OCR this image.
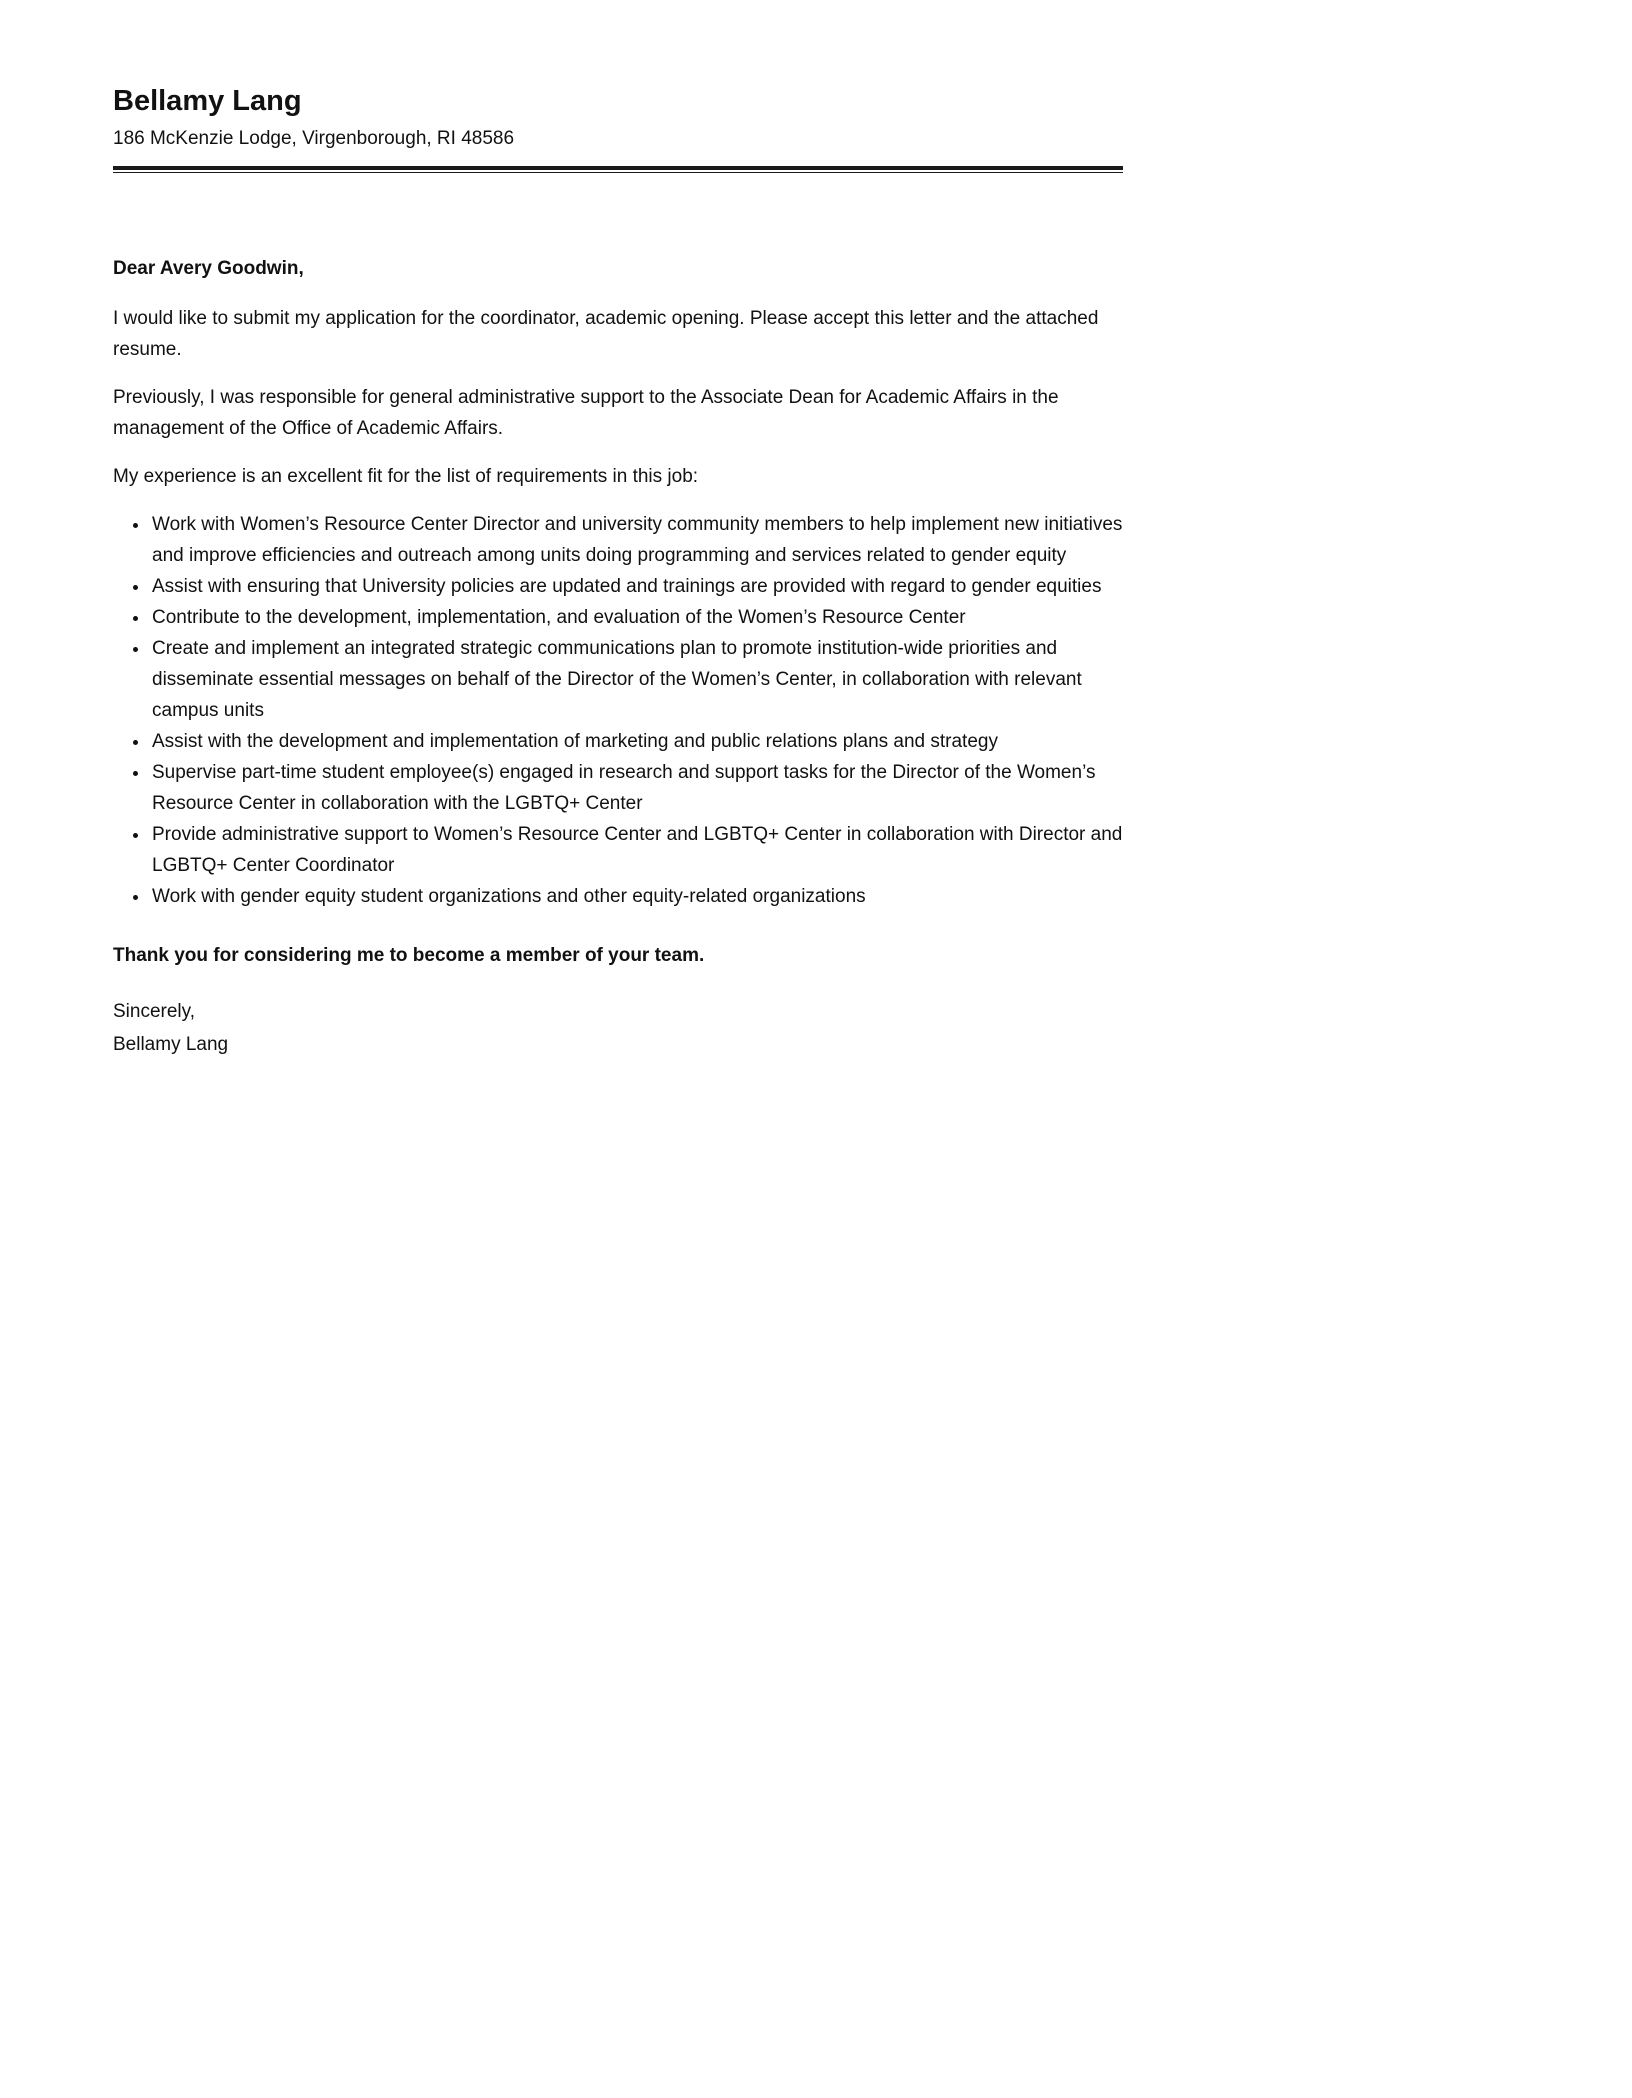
Bellamy Lang

186 McKenzie Lodge, Virgenborough, RI 48586

Dear Avery Goodwin,

I would like to submit my application for the coordinator, academic opening. Please accept this letter and the attached resume.

Previously, I was responsible for general administrative support to the Associate Dean for Academic Affairs in the management of the Office of Academic Affairs.

My experience is an excellent fit for the list of requirements in this job:

• Work with Women’s Resource Center Director and university community members to help implement new initiatives and improve efficiencies and outreach among units doing programming and services related to gender equity
• Assist with ensuring that University policies are updated and trainings are provided with regard to gender equities
• Contribute to the development, implementation, and evaluation of the Women’s Resource Center
• Create and implement an integrated strategic communications plan to promote institution-wide priorities and disseminate essential messages on behalf of the Director of the Women’s Center, in collaboration with relevant campus units
• Assist with the development and implementation of marketing and public relations plans and strategy
• Supervise part-time student employee(s) engaged in research and support tasks for the Director of the Women’s Resource Center in collaboration with the LGBTQ+ Center
• Provide administrative support to Women’s Resource Center and LGBTQ+ Center in collaboration with Director and LGBTQ+ Center Coordinator
• Work with gender equity student organizations and other equity-related organizations

Thank you for considering me to become a member of your team.

Sincerely,
Bellamy Lang
